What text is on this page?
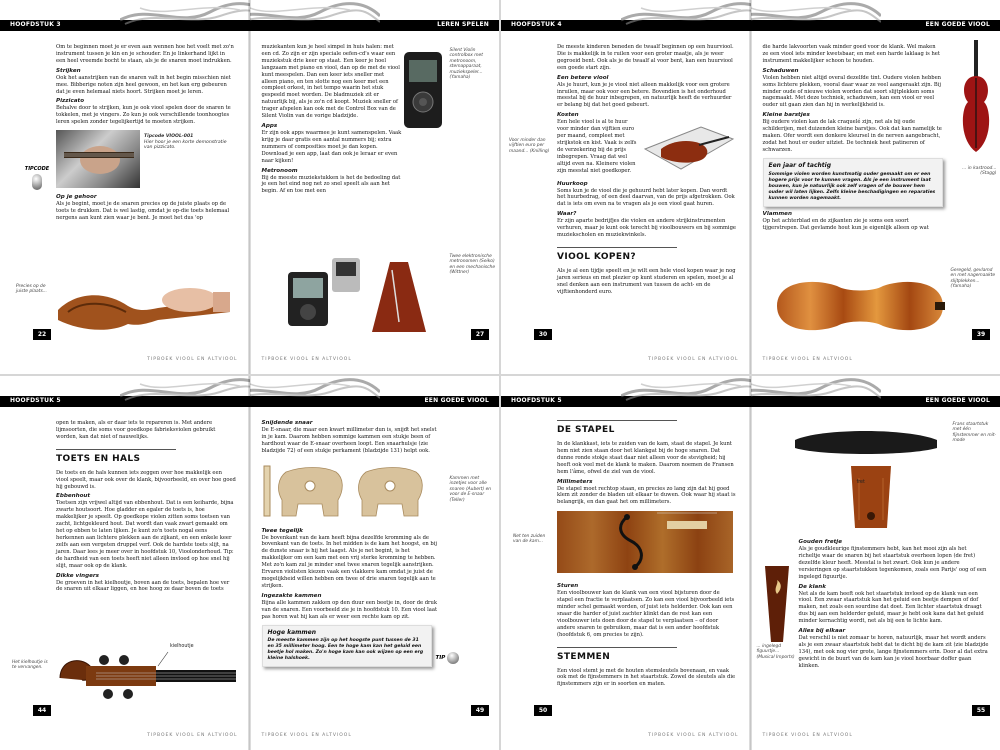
HOOFDSTUK 3

Om te beginnen moet je er even aan wennen hoe het voelt met zo'n instrument tussen je kin en je schouder. En je linkerhand lijkt in een heel vreemde bocht te staan, als je de snaren moet indrukken.

Strijken

Ook het aanstrijken van de snaren valt in het begin misschien niet mee. Bibberige noten zijn heel gewoon, en het kan erg gebeuren dat je even helemaal niets hoort. Strijken moet je leren.

Pizzicato

Behalve door te strijken, kun je ook viool spelen door de snaren te tokkelen, met je vingers. Zo kun je ook verschillende toonhoogtes leren spelen zonder tegelijkertijd te moeten strijken.

Tipcode VIOOL-001
Hier hoor je een korte demonstratie van pizzicato.
Op je gehoor

Als je begint, moet je de snaren precies op de juiste plaats op de toets te drukken. Dat is wel lastig, omdat je op-die toets helemaal nergens aan kunt zien waar je bent. Je moet het dus 'op

TIPCODE
Precies op de juiste plaats...
22
TIPBOEK VIOOL EN ALTVIOOL
LEREN SPELEN

muziekanten kun je heel simpel in huis halen: met een cd. Zo zijn er zijn speciale oefen-cd's waar een muziekstuk drie keer op staat. Een keer je hoel langzaam met piano en viool, dan op de met de viool kunt meespelen. Dan een keer iets sneller met alleen piano, en ten slotte nog een keer met een compleet orkest, in het tempo waarin het stuk gespeeld moet worden. De bladmuziek zit er natuurlijk bij, als je zo'n cd koopt. Muziek sneller of trager afspelen kan ook met de Control Box van de Silent Violin van de vorige bladzijde.

Apps

Er zijn ook apps waarmee je kunt samenspelen. Vaak krijg je daar gratis een aantal nummers bij; extra nummers of composities moet je dan kopen. Download je een app, laat dan ook je leraar er even naar kijken!

Metronoom

Bij de meeste muziekstukken is het de bedoeling dat je een het eind nog net zo snel speelt als aan het begin. Af en toe met een

Silent Violin controlbox met metronoom, stemapparaat, muziekspeler... (Yamaha)
Twee elektronische metronomen (Seiko) en een mechanische (Wittner)
27
TIPBOEK VIOOL EN ALTVIOOL
HOOFDSTUK 4

De meeste kinderen beneden de twaalf beginnen op een huurviool. Die is makkelijk in te ruilen voor een groter maatje, als je weer gegroeid bent. Ook als je de twaalf al voor bent, kan een huurviool een goede start zijn.

Een betere viool

Als je huurt, kun je je viool niet alleen makkelijk voor een grotere inruilen, maar ook voor een betere. Bovendien is het onderhoud meestal bij de huur inbegrepen, en natuurlijk heeft de verhuurder er belang bij dat het goed gebeurt.

Kosten

Een hele viool is al te huur voor minder dan vijftien euro per maand, compleet met strijkstok en kist. Vaak is zelfs de verzekering bij de prijs inbegrepen. Vraag dat wel altijd even na. Kleinere violen zijn meestal niet goedkoper.

Huurkoop

Soms kun je de viool die je gehuurd hebt later kopen. Dan wordt het huurbedrag, of een deel daarvan, van de prijs afgetrokken. Ook dat is iets om even na te vragen als je een viool gaat huren.

Waar?

Er zijn aparte bedrijfjes die violen en andere strijkinstrumenten verhuren, maar je kunt ook terecht bij vioolbouwers en bij sommige muziekscholen en muziekwinkels.

VIOOL KOPEN?

Als je al een tijdje speelt en je wilt een hele viool kopen waar je nog jaren serieus en met plezier op kunt studeren en spelen, moet je al snel denken aan een instrument van tussen de acht- en de vijftienhonderd euro.

Voor minder dan vijftien euro per maand... (Knilling)
30
TIPBOEK VIOOL EN ALTVIOOL
EEN GOEDE VIOOL

die harde lakvoorten vaak minder goed voor de klank. Wel maken ze een viool iets minder kwetsbaar, en met een harde laklaag is het instrument makkelijker schoon te houden.

Schaduwen

Violen hebben niet altijd overal dezelfde tint. Oudere violen hebben soms lichtere plekken, vooral daar waar ze veel aangeraakt zijn. Bij minder oude of nieuwe violen worden dat soort slijtplekken soms nagemaakt. Met deze techniek, schaduwen, kan een viool er veel ouder uit gaan zien dan hij in werkelijkheid is.

Kleine barstjes

Bij oudere violen kan de lak craquelé zijn, net als bij oude schilderijen, met duizenden kleine barstjes. Ook dat kan namelijk te maken. Ofer wordt een donkere kleursel in de nerven aangebracht, zodat het hout er ouder uitziet. De techniek heet patineren of schwarzen.

Een jaar of tachtig
Sommige violen worden kunstmatig ouder gemaakt om er een hogere prijs voor te kunnen vragen. Als je een instrument laat bouwen, kun je natuurlijk ook zelf vragen of de bouwer hem ouder wil laten lijken. Zelfs kleine beschadigingen en reparaties kunnen worden nagemaakt.
Vlammen

Op het achterblad en de zijkanten zie je soms een soort tijgerstrepen. Dat gevlamde hout kun je eigenlijk alleen op wat

... in kastrood... (Stagg)
Geregeld, gevlamd en met nagemaakte slijtplekken... (Yamaha)
39
TIPBOEK VIOOL EN ALTVIOOL
HOOFDSTUK 5

open te maken, als er daar iets te repareren is. Met andere lijmsoorten, die soms voor goedkope fabrieksviolen gebruikt worden, kan dat niet of nauwelijks.

TOETS EN HALS

De toets en de hals kunnen iets zeggen over hoe makkelijk een viool speelt, maar ook over de klank, bijvoorbeeld, en over hoe goed hij gebouwd is.

Ebbenhout

Toetsen zijn vrijwel altijd van ebbenhout. Dat is een keiharde, bijna zwarte houtsoort. Hoe gladder en egaler de toets is, hoe makkelijker je speelt. Op goedkope violen zitten soms toetsen van zacht, lichtgekleurd hout. Dat wordt dan vaak zwart gemaakt om het op ebben te laten lijken. Je kunt zo'n toets nogal eens herkennen aan lichtere plekken aan de zijkant, en een enkele keer zelfs aan een vergeten druppel verf. Ook de hardste toets slijt, na jaren. Daar lees je meer over in hoofdstuk 10, Vioolonderhoud. Tip: de hardheid van een toets heeft niet alleen invloed op hoe snel hij slijt, maar ook op de klank.

Dikke vingers

De groeven in het kielhoutje, boven aan de toets, bepalen hoe ver de snaren uit elkaar liggen, en hoe hoog ze daar boven de toets

Het kielhoutje is te vervangen.
kielhoutje
44
TIPBOEK VIOOL EN ALTVIOOL
EEN GOEDE VIOOL
Snijdende snaar

De E-snaar, die maar een kwart millimeter dun is, snijdt het snelst in je kam. Daarom hebben sommige kammen een stukje been of hardhout waar de E-snaar overheen loopt. Een snaarhulsje (zie bladzijde 72) of een stukje perkament (bladzijde 131) helpt ook.

Twee tegelijk

De bovenkant van de kam heeft bijna dezelfde kromming als de bovenkant van de toets. In het midden is de kam het hoogst, en bij de dunste snaar is hij het laagst. Als je net begint, is het makkelijker om een kam met een vrij sterke kromming te hebben. Met zo'n kam zul je minder snel twee snaren tegelijk aanstrijken. Ervaren violisten kiezen vaak een vlakkere kam omdat je juist de mogelijkheid willen hebben om twee of drie snaren tegelijk aan te strijken.

Ingezakte kammen

Bijna alle kammen zakken op den duur een beetje in, door de druk van de snaren. Een voorbeeld zie je in hoofdstuk 10. Een viool laat pas horen wat hij kan als er weer een rechte kam op zit.

Hoge kammen
De meeste kammen zijn op het hoogste punt tussen de 31 en 35 millimeter hoog. Een te hoge kam kan het geluid een beetje hol maken. Zo'n hoge kam kan ook wijzen op een erg kleine halshoek.
Kammen met inzetjes voor alle snaren (Aubert) en voor de E-snaar (Teller)
TIP
49
TIPBOEK VIOOL EN ALTVIOOL
HOOFDSTUK 5
DE STAPEL

In de klankkast, iets te zuiden van de kam, staat de stapel. Je kunt hem niet zien staan door het klankgat bij de hoge snaren. Dat dunne ronde stokje staat daar niet alleen voor de stevigheid; hij heeft ook veel met de klank te maken. Daarom noemen de Fransen hem l'âme, ofwel de ziel van de viool.

Millimeters

De stapel moet rechtop staan, en precies zo lang zijn dat hij goed klem zit zonder de bladen uit elkaar te duwen. Ook waar hij staat is belangrijk, en dan gaat het om millimeters.

Sturen

Een vioolbouwer kan de klank van een viool bijsturen door de stapel een fractie te verplaatsen. Zo kan een viool bijvoorbeeld iets minder schel gemaakt worden, of juist iets helderder. Ook kan een snaar die harder of juist zachter klinkt dan de rest kan een vioolbouwer iets doen door de stapel te verplaatsen – of door andere snaren te gebruiken, maar dat is een ander hoofdstuk (hoofdstuk 6, om precies te zijn).

STEMMEN

Een viool stemt je met de houten stemsleutels bovenaan, en vaak ook met de fijnstemmers in het staartstuk. Zowel de sleutels als die fijnstemmers zijn er in soorten en maten.

Net ten zuiden van de kam...
50
TIPBOEK VIOOL EN ALTVIOOL
EEN GOEDE VIOOL
fret
Frans staartstuk met één fijnstemmer en mit-mode
Gouden fretje

Als je goudkleurige fijnstemmers hebt, kan het mooi zijn als het richeltje waar de snaren bij het staartstuk overheen lopen (de fret) dezelfde kleur heeft. Meestal is het zwart. Ook kun je andere versieringen op staartstukken tegenkomen, zoals een Parijs' oog of een ingelegd figuurtje.

De klank

Net als de kam heeft ook het staartstuk invloed op de klank van een viool. Een zwaar staartstuk kan het geluid een beetje dempen of dof maken, net zoals een sourdine dat doet. Een lichter staartstuk draagt dus bij aan een helderder geluid, maar je hebt ook kans dat het geluid minder kernachtig wordt, net als bij een te lichte kam.

Alles bij elkaar

Dat verschil is niet zomaar te horen, natuurlijk, maar het wordt anders als je een zwaar staartstuk hebt dat te dicht bij de kam zit (zie bladzijde 134), met ook nog vier grote, lange fijnstemmers erin. Door al dat extra gewicht in de buurt van de kam kan je viool hoorbaar doffer gaan klinken.

... ingelegd figuurtje... (Musical Imports)
55
TIPBOEK VIOOL EN ALTVIOOL
